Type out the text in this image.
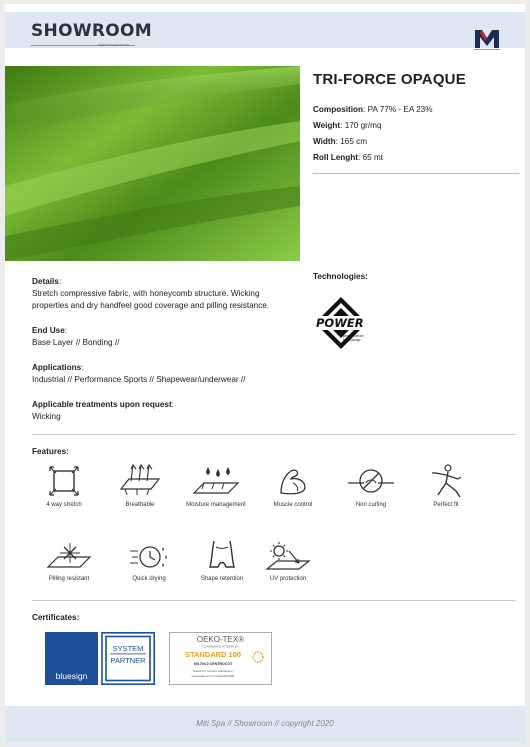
SHOWROOM
digital experience
TRI-FORCE OPAQUE
Composition: PA 77% - EA 23%
Weight: 170 gr/mq
Width: 165 cm
Roll Lenght: 65 mt
Details:
Stretch compressive fabric, with honeycomb structure. Wicking
properties and dry handfeel good coverage and pilling resistance.
End Use:
Base Layer // Bonding //
Applications:
Industrial // Performance Sports // Shapewear/underwear //
Applicable treatments upon request:
Wicking
Technologies:
POWER
performance
technology
Features:
4 way stretch	Breathable	Moisture management	Muscle control	Non curling	Perfect fit
Pilling resistant	Quick drying	Shape retention	UV protection
Certificates:
bluesign
SYSTEM
PARTNER
OEKO-TEX®
CONFIDENCE IN TEXTILES
STANDARD 100
951794.0 CENTROCOT
Tested for harmful substances.
www.oeko-tex.com/standard100
Miti Spa // Showroom // copyright 2020
